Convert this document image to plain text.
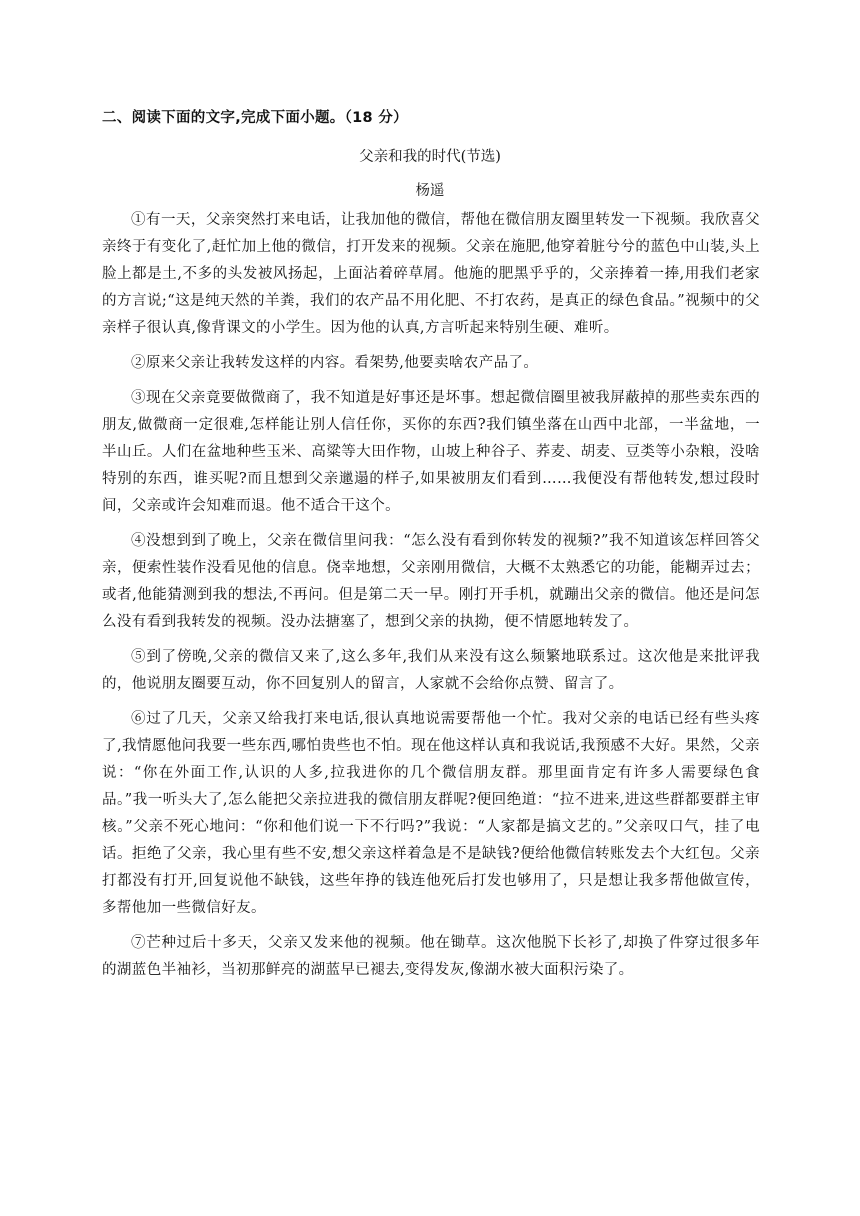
二、阅读下面的文字,完成下面小题。（18 分）
父亲和我的时代(节选)
杨遥

①有一天，父亲突然打来电话，让我加他的微信，帮他在微信朋友圈里转发一下视频。我欣喜父亲终于有变化了,赶忙加上他的微信，打开发来的视频。父亲在施肥,他穿着脏兮兮的蓝色中山装,头上脸上都是土,不多的头发被风扬起，上面沾着碎草屑。他施的肥黑乎乎的，父亲捧着一捧,用我们老家的方言说;“这是纯天然的羊粪，我们的农产品不用化肥、不打农药，是真正的绿色食品。”视频中的父亲样子很认真,像背课文的小学生。因为他的认真,方言听起来特别生硬、难听。

②原来父亲让我转发这样的内容。看架势,他要卖啥农产品了。

③现在父亲竟要做微商了，我不知道是好事还是坏事。想起微信圈里被我屏蔽掉的那些卖东西的朋友,做微商一定很难,怎样能让别人信任你，买你的东西?我们镇坐落在山西中北部，一半盆地，一半山丘。人们在盆地种些玉米、高粱等大田作物，山坡上种谷子、荞麦、胡麦、豆类等小杂粮，没啥特别的东西，谁买呢?而且想到父亲邋遢的样子,如果被朋友们看到……我便没有帮他转发,想过段时间，父亲或许会知难而退。他不适合干这个。

④没想到到了晚上，父亲在微信里问我：“怎么没有看到你转发的视频?”我不知道该怎样回答父亲，便索性装作没看见他的信息。侥幸地想，父亲刚用微信，大概不太熟悉它的功能，能糊弄过去；或者,他能猜测到我的想法,不再问。但是第二天一早。刚打开手机，就蹦出父亲的微信。他还是问怎么没有看到我转发的视频。没办法搪塞了，想到父亲的执拗，便不情愿地转发了。

⑤到了傍晚,父亲的微信又来了,这么多年,我们从来没有这么频繁地联系过。这次他是来批评我的，他说朋友圈要互动，你不回复别人的留言，人家就不会给你点赞、留言了。

⑥过了几天，父亲又给我打来电话,很认真地说需要帮他一个忙。我对父亲的电话已经有些头疼了,我情愿他问我要一些东西,哪怕贵些也不怕。现在他这样认真和我说话,我预感不大好。果然，父亲说：“你在外面工作,认识的人多,拉我进你的几个微信朋友群。那里面肯定有许多人需要绿色食品。”我一听头大了,怎么能把父亲拉进我的微信朋友群呢?便回绝道：“拉不进来,进这些群都要群主审核。”父亲不死心地问：“你和他们说一下不行吗?”我说：“人家都是搞文艺的。”父亲叹口气，挂了电话。拒绝了父亲，我心里有些不安,想父亲这样着急是不是缺钱?便给他微信转账发去个大红包。父亲打都没有打开,回复说他不缺钱，这些年挣的钱连他死后打发也够用了，只是想让我多帮他做宣传，多帮他加一些微信好友。

⑦芒种过后十多天，父亲又发来他的视频。他在锄草。这次他脱下长衫了,却换了件穿过很多年的湖蓝色半袖衫，当初那鲜亮的湖蓝早已褪去,变得发灰,像湖水被大面积污染了。
